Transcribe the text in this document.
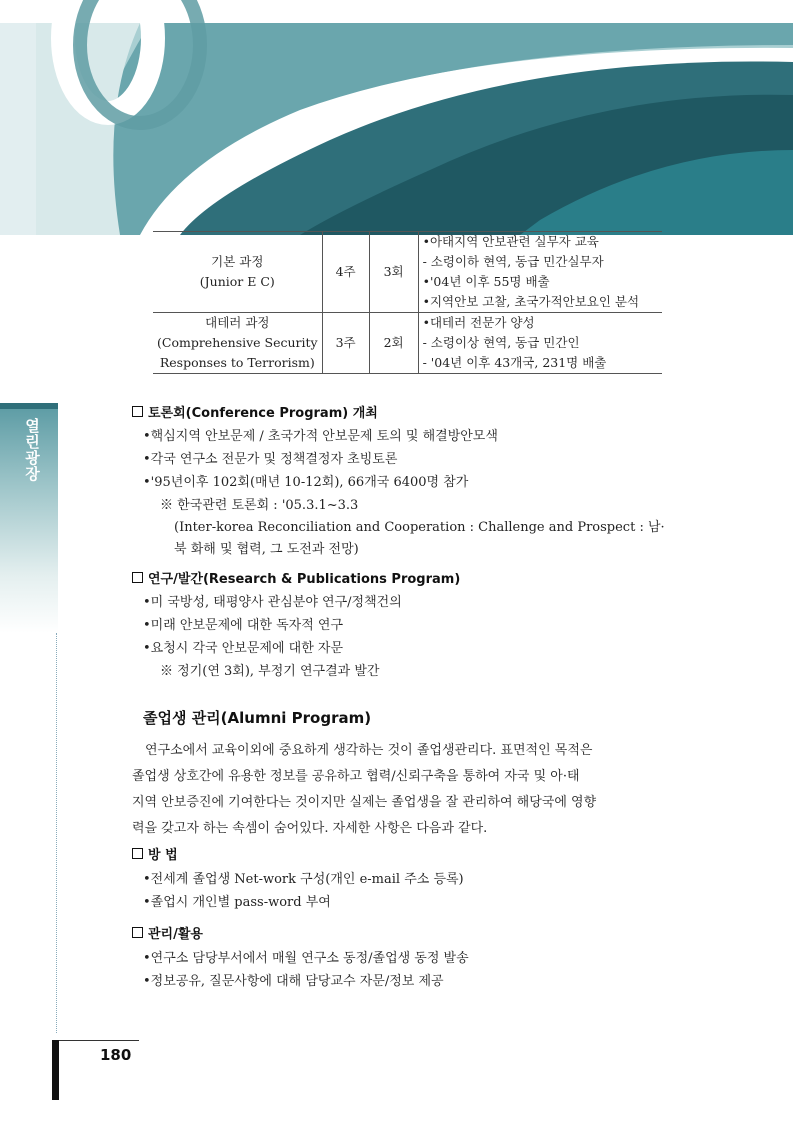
열린광장
기본 과정
(Junior E C)	4주	3회	•아태지역 안보관련 실무자 교육
- 소령이하 현역, 동급 민간실무자
•'04년 이후 55명 배출
•지역안보 고찰, 초국가적안보요인 분석

대테러 과정
(Comprehensive Security
Responses to Terrorism)	3주	2회	•대테러 전문가 양성
- 소령이상 현역, 동급 민간인
- '04년 이후 43개국, 231명 배출
토론회(Conference Program) 개최
•핵심지역 안보문제 / 초국가적 안보문제 토의 및 해결방안모색
•각국 연구소 전문가 및 정책결정자 초빙토론
•'95년이후 102회(매년 10-12회), 66개국 6400명 참가
※ 한국관련 토론회 : '05.3.1~3.3
(Inter-korea Reconciliation and Cooperation : Challenge and Prospect : 남·
북 화해 및 협력, 그 도전과 전망)
연구/발간(Research & Publications Program)
•미 국방성, 태평양사 관심분야 연구/정책건의
•미래 안보문제에 대한 독자적 연구
•요청시 각국 안보문제에 대한 자문
※ 정기(연 3회), 부정기 연구결과 발간
졸업생 관리(Alumni Program)
연구소에서 교육이외에 중요하게 생각하는 것이 졸업생관리다. 표면적인 목적은
졸업생 상호간에 유용한 정보를 공유하고 협력/신뢰구축을 통하여 자국 및 아·태
지역 안보증진에 기여한다는 것이지만 실제는 졸업생을 잘 관리하여 해당국에 영향
력을 갖고자 하는 속셈이 숨어있다. 자세한 사항은 다음과 같다.
방 법
•전세계 졸업생 Net-work 구성(개인 e-mail 주소 등록)
•졸업시 개인별 pass-word 부여
관리/활용
•연구소 담당부서에서 매월 연구소 동정/졸업생 동정 발송
•정보공유, 질문사항에 대해 담당교수 자문/정보 제공
180
